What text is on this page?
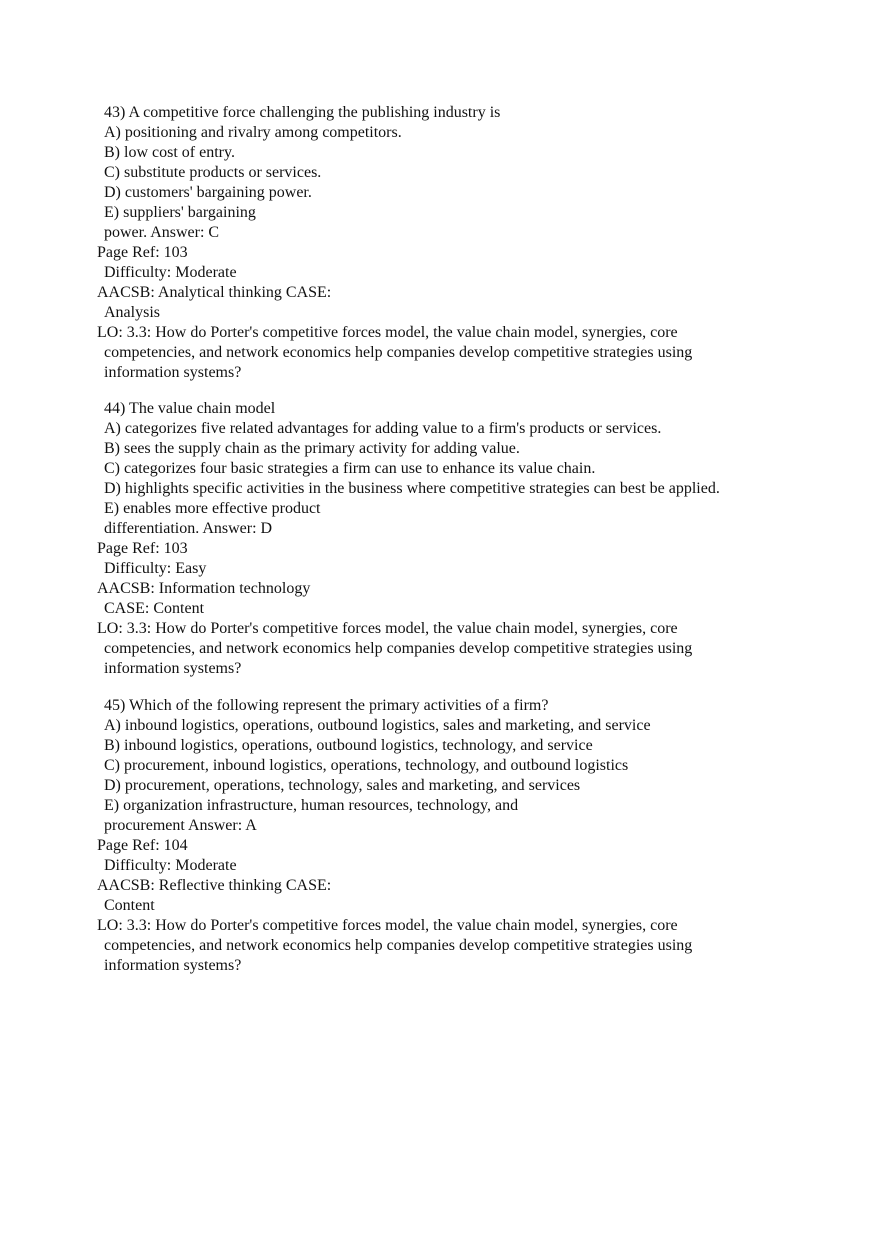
43) A competitive force challenging the publishing industry is
A) positioning and rivalry among competitors.
B) low cost of entry.
C) substitute products or services.
D) customers' bargaining power.
E) suppliers' bargaining
power. Answer: C
Page Ref: 103
Difficulty: Moderate
AACSB: Analytical thinking CASE:
Analysis
LO: 3.3: How do Porter's competitive forces model, the value chain model, synergies, core
competencies, and network economics help companies develop competitive strategies using
information systems?
44) The value chain model
A) categorizes five related advantages for adding value to a firm's products or services.
B) sees the supply chain as the primary activity for adding value.
C) categorizes four basic strategies a firm can use to enhance its value chain.
D) highlights specific activities in the business where competitive strategies can best be applied.
E) enables more effective product
differentiation. Answer: D
Page Ref: 103
Difficulty: Easy
AACSB: Information technology
CASE: Content
LO: 3.3: How do Porter's competitive forces model, the value chain model, synergies, core
competencies, and network economics help companies develop competitive strategies using
information systems?
45) Which of the following represent the primary activities of a firm?
A) inbound logistics, operations, outbound logistics, sales and marketing, and service
B) inbound logistics, operations, outbound logistics, technology, and service
C) procurement, inbound logistics, operations, technology, and outbound logistics
D) procurement, operations, technology, sales and marketing, and services
E) organization infrastructure, human resources, technology, and
procurement Answer: A
Page Ref: 104
Difficulty: Moderate
AACSB: Reflective thinking CASE:
Content
LO: 3.3: How do Porter's competitive forces model, the value chain model, synergies, core
competencies, and network economics help companies develop competitive strategies using
information systems?
